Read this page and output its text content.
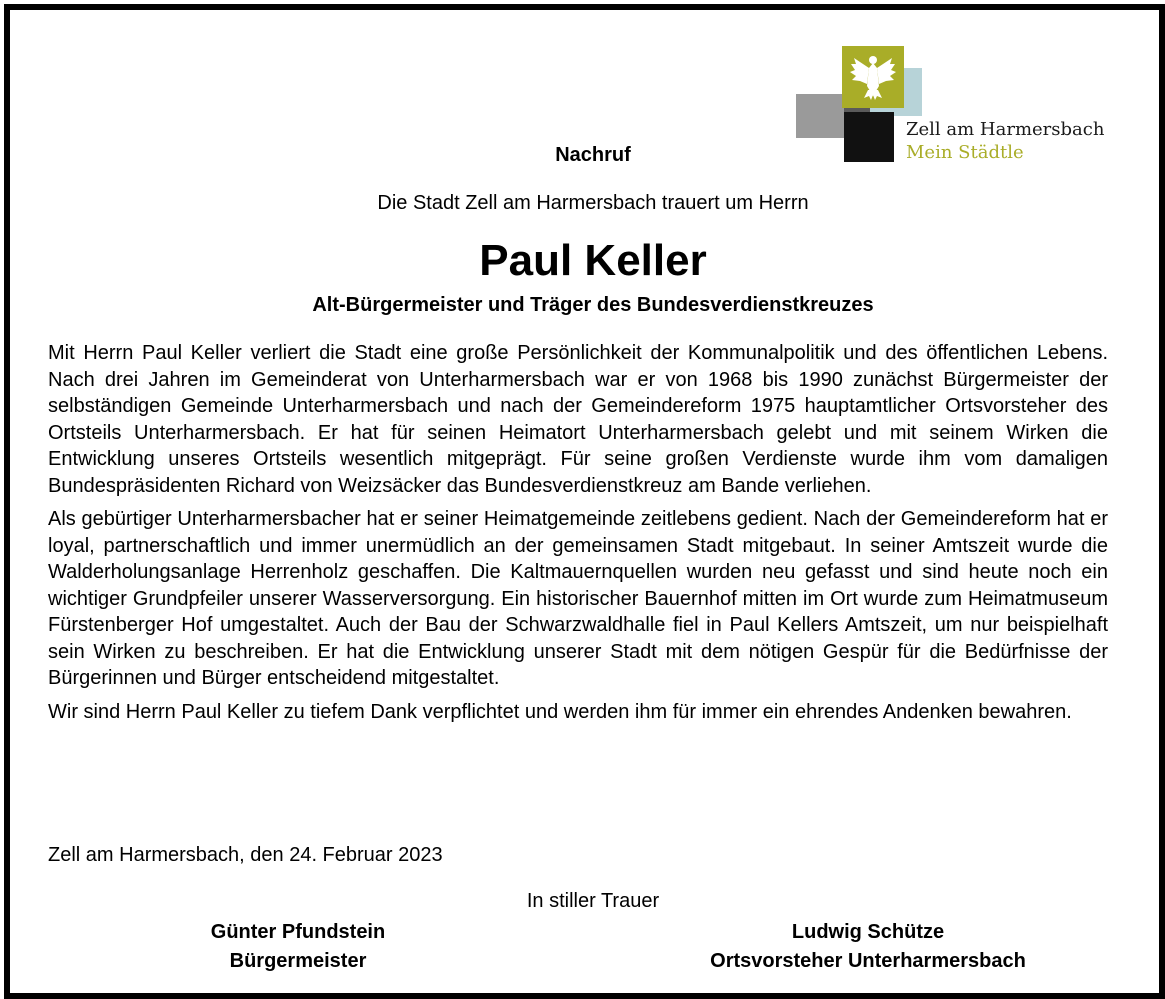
Zell am Harmersbach
Mein Städtle
Nachruf
Die Stadt Zell am Harmersbach trauert um Herrn
Paul Keller
Alt-Bürgermeister und Träger des Bundesverdienstkreuzes

Mit Herrn Paul Keller verliert die Stadt eine große Persönlichkeit der Kommunalpolitik und des öffentlichen Lebens. Nach drei Jahren im Gemeinderat von Unterharmersbach war er von 1968 bis 1990 zunächst Bürgermeister der selbständigen Gemeinde Unterharmersbach und nach der Gemeindereform 1975 hauptamtlicher Ortsvorsteher des Ortsteils Unterharmersbach. Er hat für seinen Heimatort Unterharmersbach gelebt und mit seinem Wirken die Entwicklung unseres Ortsteils wesentlich mitgeprägt. Für seine großen Verdienste wurde ihm vom damaligen Bundespräsidenten Richard von Weizsäcker das Bundesverdienstkreuz am Bande verliehen.

Als gebürtiger Unterharmersbacher hat er seiner Heimatgemeinde zeitlebens gedient. Nach der Gemeindereform hat er loyal, partnerschaftlich und immer unermüdlich an der gemeinsamen Stadt mitgebaut. In seiner Amtszeit wurde die Walderholungsanlage Herrenholz geschaffen. Die Kaltmauernquellen wurden neu gefasst und sind heute noch ein wichtiger Grundpfeiler unserer Wasserversorgung. Ein historischer Bauernhof mitten im Ort wurde zum Heimatmuseum Fürstenberger Hof umgestaltet. Auch der Bau der Schwarzwaldhalle fiel in Paul Kellers Amtszeit, um nur beispielhaft sein Wirken zu beschreiben. Er hat die Entwicklung unserer Stadt mit dem nötigen Gespür für die Bedürfnisse der Bürgerinnen und Bürger entscheidend mitgestaltet.

Wir sind Herrn Paul Keller zu tiefem Dank verpflichtet und werden ihm für immer ein ehrendes Andenken bewahren.

Zell am Harmersbach, den 24. Februar 2023
In stiller Trauer
Günter Pfundstein
Bürgermeister
Ludwig Schütze
Ortsvorsteher Unterharmersbach
